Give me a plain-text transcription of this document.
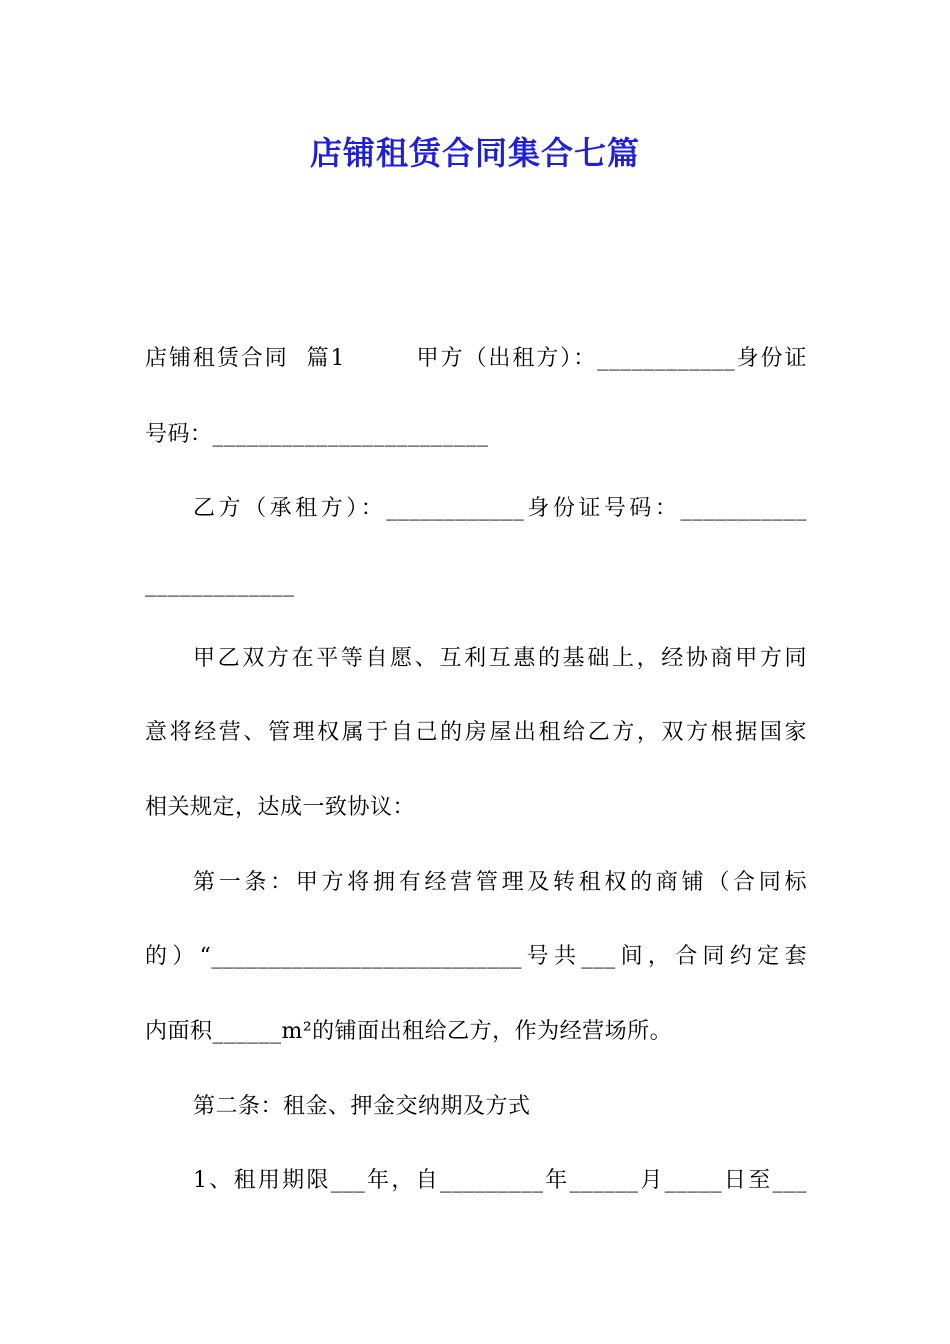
店铺租赁合同集合七篇
店铺租赁合同  篇1        甲方（出租方）：____________身份证
号码：________________________
乙方（承租方）：____________身份证号码：___________
_____________
甲乙双方在平等自愿、互利互惠的基础上，经协商甲方同
意将经营、管理权属于自己的房屋出租给乙方，双方根据国家
相关规定，达成一致协议：
第一条：甲方将拥有经营管理及转租权的商铺（合同标
的）“___________________________号共___间，合同约定套
内面积______m²的铺面出租给乙方，作为经营场所。
第二条：租金、押金交纳期及方式
1、租用期限___年，自_________年______月_____日至___
